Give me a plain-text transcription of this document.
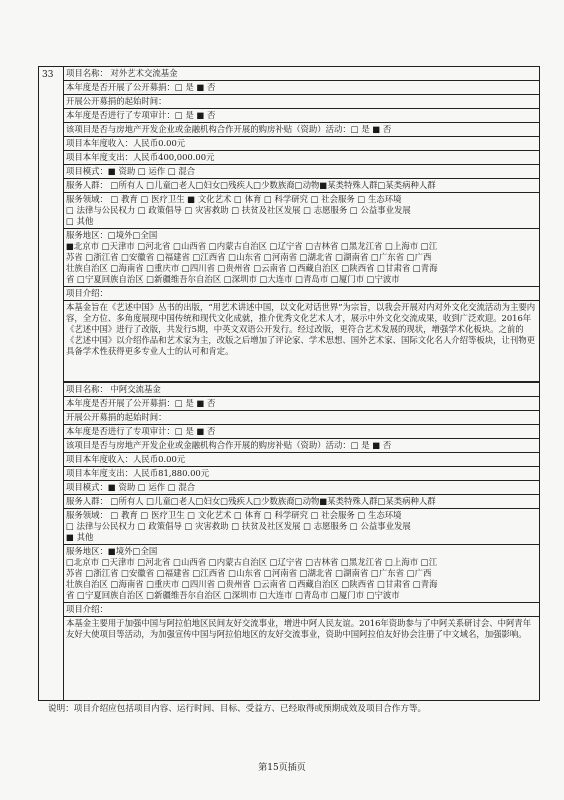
33 项目名称： 对外艺术交流基金
本年度是否开展了公开募捐：□ 是 ■ 否
开展公开募捐的起始时间：
本年度是否进行了专项审计：□ 是 ■ 否
该项目是否与房地产开发企业或金融机构合作开展的购房补贴（资助）活动：□ 是 ■ 否
项目本年度收入：人民币0.00元
项目本年度支出：人民币400,000.00元
项目模式：■ 资助 □ 运作 □ 混合
服务人群： □所有人 □儿童□老人□妇女□残疾人□少数族裔□动物■某类特殊人群□某类病种人群
服务领域： □ 教育 □ 医疗卫生 ■ 文化艺术 □ 体育 □ 科学研究 □ 社会服务 □ 生态环境
□ 法律与公民权力 □ 政策倡导 □ 灾害救助 □ 扶贫及社区发展 □ 志愿服务 □ 公益事业发展
□ 其他
服务地区：□境外□全国
■北京市 □天津市 □河北省 □山西省 □内蒙古自治区 □辽宁省 □吉林省 □黑龙江省 □上海市 □江
苏省 □浙江省 □安徽省 □福建省 □江西省 □山东省 □河南省 □湖北省 □湖南省 □广东省 □广西
壮族自治区 □海南省 □重庆市 □四川省 □贵州省 □云南省 □西藏自治区 □陕西省 □甘肃省 □青海
省 □宁夏回族自治区 □新疆维吾尔自治区 □深圳市 □大连市 □青岛市 □厦门市 □宁波市
项目介绍：
本基金旨在《艺述中国》丛书的出版，“用艺术讲述中国，以文化对话世界”为宗旨，以我会开展对内对外文化交流活动为主要内容，全方位、多角度展现中国传统和现代文化成就，推介优秀文化艺术人才，展示中外文化交流成果，收到广泛欢迎。2016年《艺述中国》进行了改版，共发行5期，中英文双语公开发行。经过改版，更符合艺术发展的现状，增强学术化板块。之前的《艺述中国》以介绍作品和艺术家为主，改版之后增加了评论家、学术思想、国外艺术家、国际文化名人介绍等板块，让刊物更具备学术性获得更多专业人士的认可和肯定。
项目名称： 中阿交流基金
本年度是否开展了公开募捐：□ 是 ■ 否
开展公开募捐的起始时间：
本年度是否进行了专项审计：□ 是 ■ 否
该项目是否与房地产开发企业或金融机构合作开展的购房补贴（资助）活动：□ 是 ■ 否
项目本年度收入：人民币0.00元
项目本年度支出：人民币81,880.00元
项目模式：■ 资助 □ 运作 □ 混合
服务人群： □所有人 □儿童□老人□妇女□残疾人□少数族裔□动物■某类特殊人群□某类病种人群
服务领域： □ 教育 □ 医疗卫生 □ 文化艺术 □ 体育 □ 科学研究 □ 社会服务 □ 生态环境
□ 法律与公民权力 □ 政策倡导 □ 灾害救助 □ 扶贫及社区发展 □ 志愿服务 □ 公益事业发展
■ 其他
服务地区：■境外□全国
□北京市 □天津市 □河北省 □山西省 □内蒙古自治区 □辽宁省 □吉林省 □黑龙江省 □上海市 □江
苏省 □浙江省 □安徽省 □福建省 □江西省 □山东省 □河南省 □湖北省 □湖南省 □广东省 □广西
壮族自治区 □海南省 □重庆市 □四川省 □贵州省 □云南省 □西藏自治区 □陕西省 □甘肃省 □青海
省 □宁夏回族自治区 □新疆维吾尔自治区 □深圳市 □大连市 □青岛市 □厦门市 □宁波市
项目介绍：
本基金主要用于加强中国与阿拉伯地区民间友好交流事业，增进中阿人民友谊。2016年资助参与了中阿关系研讨会、中阿青年友好大使项目等活动，为加强宣传中国与阿拉伯地区的友好交流事业，资助中国阿拉伯友好协会注册了中文域名，加强影响。
说明：项目介绍应包括项目内容、运行时间、目标、受益方、已经取得或预期成效及项目合作方等。
第15页插页
